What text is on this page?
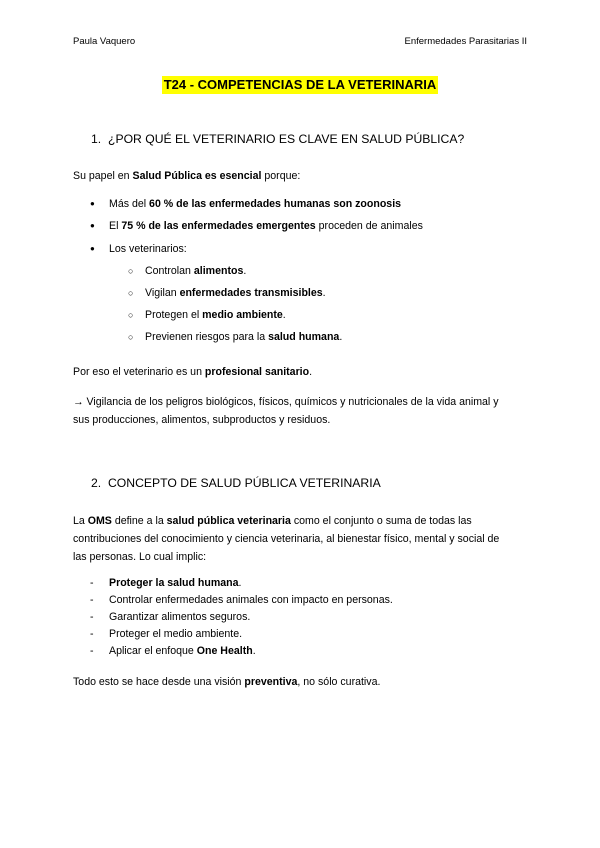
Paula Vaquero	Enfermedades Parasitarias II
T24 - COMPETENCIAS DE LA VETERINARIA
1. ¿POR QUÉ EL VETERINARIO ES CLAVE EN SALUD PÚBLICA?
Su papel en Salud Pública es esencial porque:
● Más del 60 % de las enfermedades humanas son zoonosis
● El 75 % de las enfermedades emergentes proceden de animales
● Los veterinarios:
○ Controlan alimentos.
○ Vigilan enfermedades transmisibles.
○ Protegen el medio ambiente.
○ Previenen riesgos para la salud humana.
Por eso el veterinario es un profesional sanitario.
→ Vigilancia de los peligros biológicos, físicos, químicos y nutricionales de la vida animal y
sus producciones, alimentos, subproductos y residuos.
2. CONCEPTO DE SALUD PÚBLICA VETERINARIA
La OMS define a la salud pública veterinaria como el conjunto o suma de todas las
contribuciones del conocimiento y ciencia veterinaria, al bienestar físico, mental y social de
las personas. Lo cual implic:
- Proteger la salud humana.
- Controlar enfermedades animales con impacto en personas.
- Garantizar alimentos seguros.
- Proteger el medio ambiente.
- Aplicar el enfoque One Health.
Todo esto se hace desde una visión preventiva, no sólo curativa.
